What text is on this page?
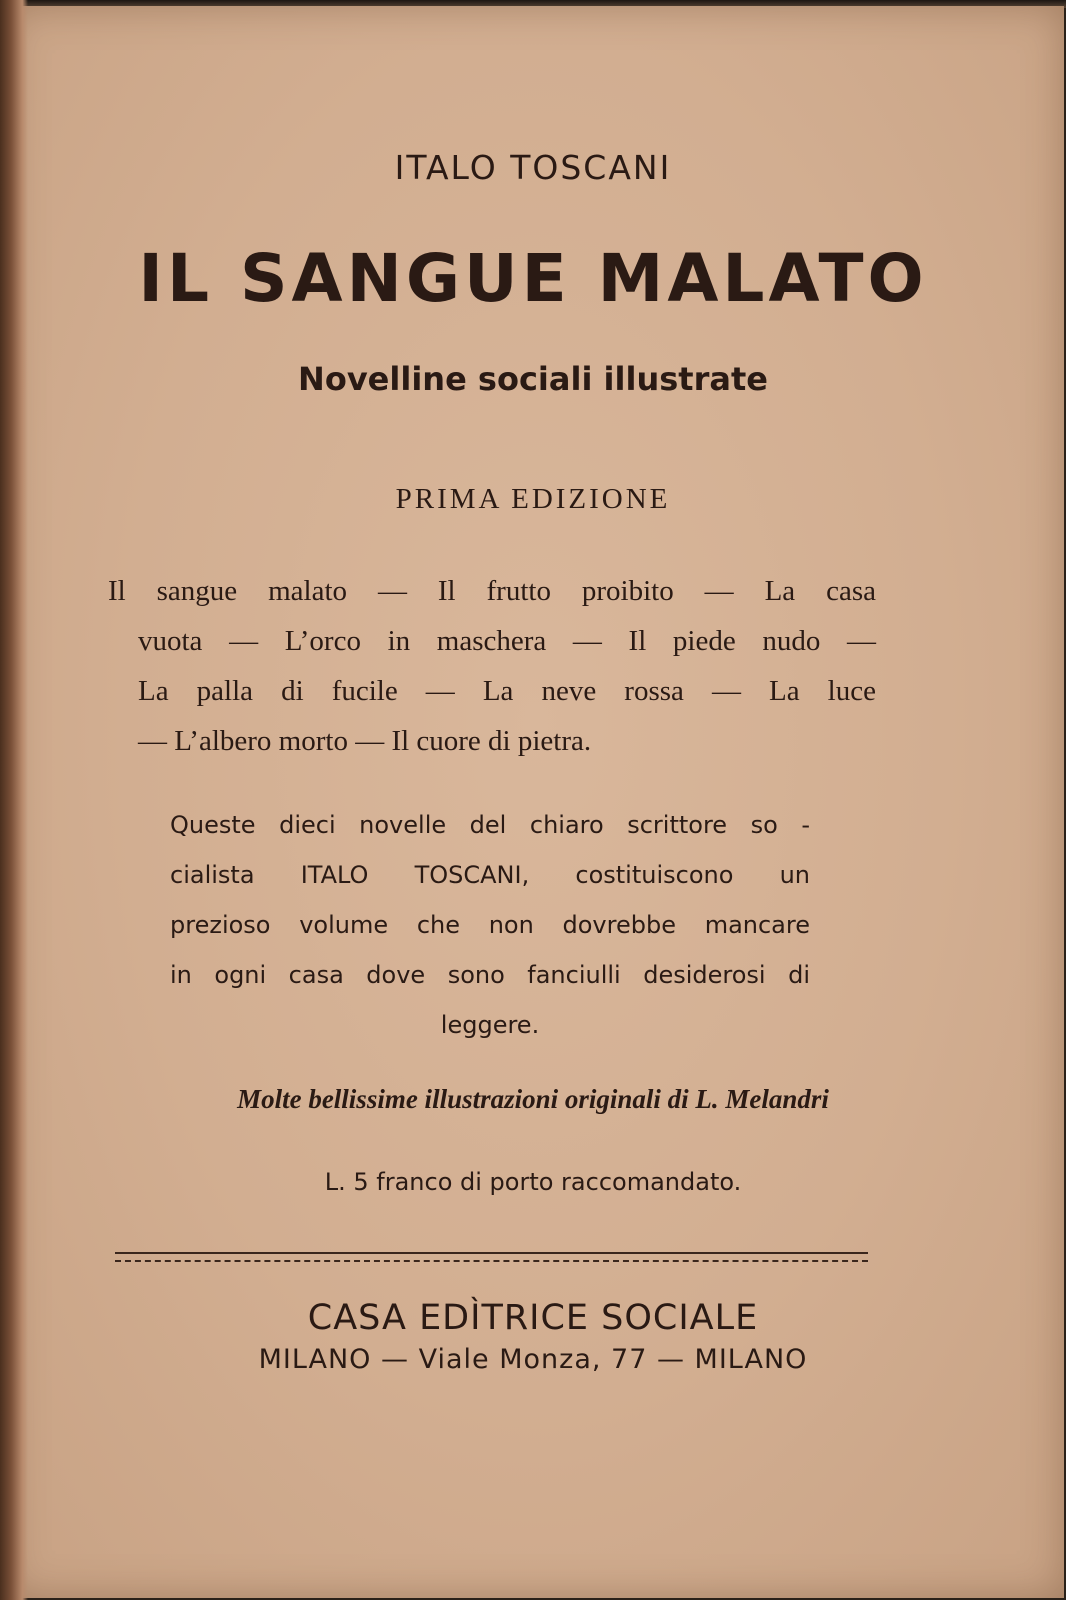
ITALO TOSCANI
IL SANGUE MALATO
Novelline sociali illustrate
PRIMA EDIZIONE
Il sangue malato — Il frutto proibito — La casa
vuota — L’orco in maschera — Il piede nudo —
La palla di fucile — La neve rossa — La luce
— L’albero morto — Il cuore di pietra.
Queste dieci novelle del chiaro scrittore so -
cialista ITALO TOSCANI, costituiscono un
prezioso volume che non dovrebbe mancare
in ogni casa dove sono fanciulli desiderosi di
leggere.
Molte bellissime illustrazioni originali di L. Melandri
L. 5 franco di porto raccomandato.
CASA EDÌTRICE SOCIALE
MILANO — Viale Monza, 77 — MILANO
